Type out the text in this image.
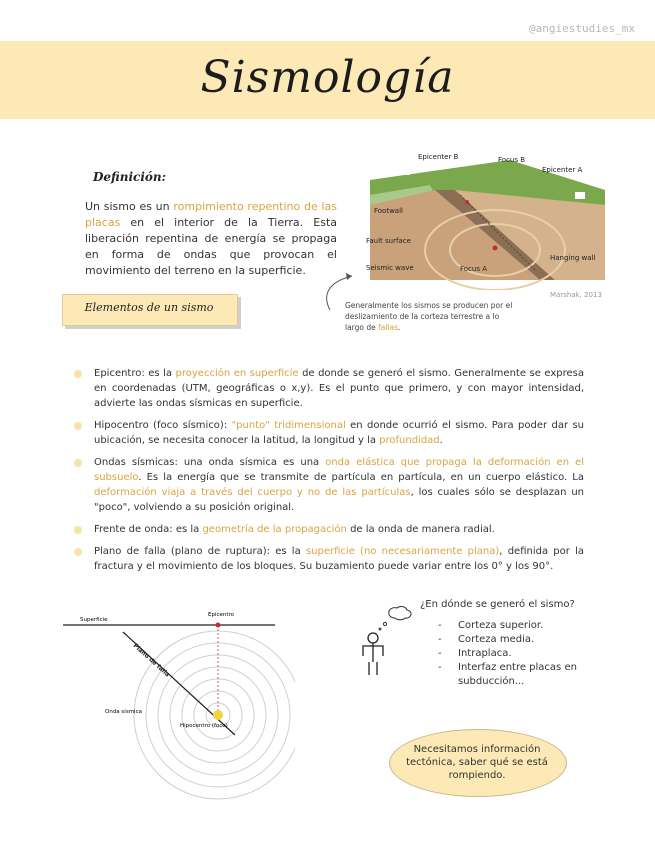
@angiestudies_mx
Sismología
Definición:
Un sismo es un rompimiento repentino de las placas en el interior de la Tierra. Esta liberación repentina de energía se propaga en forma de ondas que provocan el movimiento del terreno en la superficie.
Epicenter B	Focus B
Epicenter A
Footwall
Fault surface
Seismic wave	Focus A
Hanging wall
Marshak, 2013
Generalmente los sismos se producen por el deslizamiento de la corteza terrestre a lo largo de fallas.
Elementos de un sismo
Epicentro: es la proyección en superficie de donde se generó el sismo. Generalmente se expresa en coordenadas (UTM, geográficas o x,y). Es el punto que primero, y con mayor intensidad, advierte las ondas sísmicas en superficie.
Hipocentro (foco sísmico): "punto" tridimensional en donde ocurrió el sismo. Para poder dar su ubicación, se necesita conocer la latitud, la longitud y la profundidad.
Ondas sísmicas: una onda sísmica es una onda elástica que propaga la deformación en el subsuelo. Es la energía que se transmite de partícula en partícula, en un cuerpo elástico. La deformación viaja a través del cuerpo y no de las partículas, los cuales sólo se desplazan un "poco", volviendo a su posición original.
Frente de onda: es la geometría de la propagación de la onda de manera radial.
Plano de falla (plano de ruptura): es la superficie (no necesariamente plana), definida por la fractura y el movimiento de los bloques. Su buzamiento puede variar entre los 0° y los 90°.
Superficie
Epicentro
Plano de falla
Onda sísmica
Hipocentro (foco)
¿En dónde se generó el sismo?
-	Corteza superior.
-	Corteza media.
-	Intraplaca.
-	Interfaz entre placas en subducción...
Necesitamos información tectónica, saber qué se está rompiendo.
